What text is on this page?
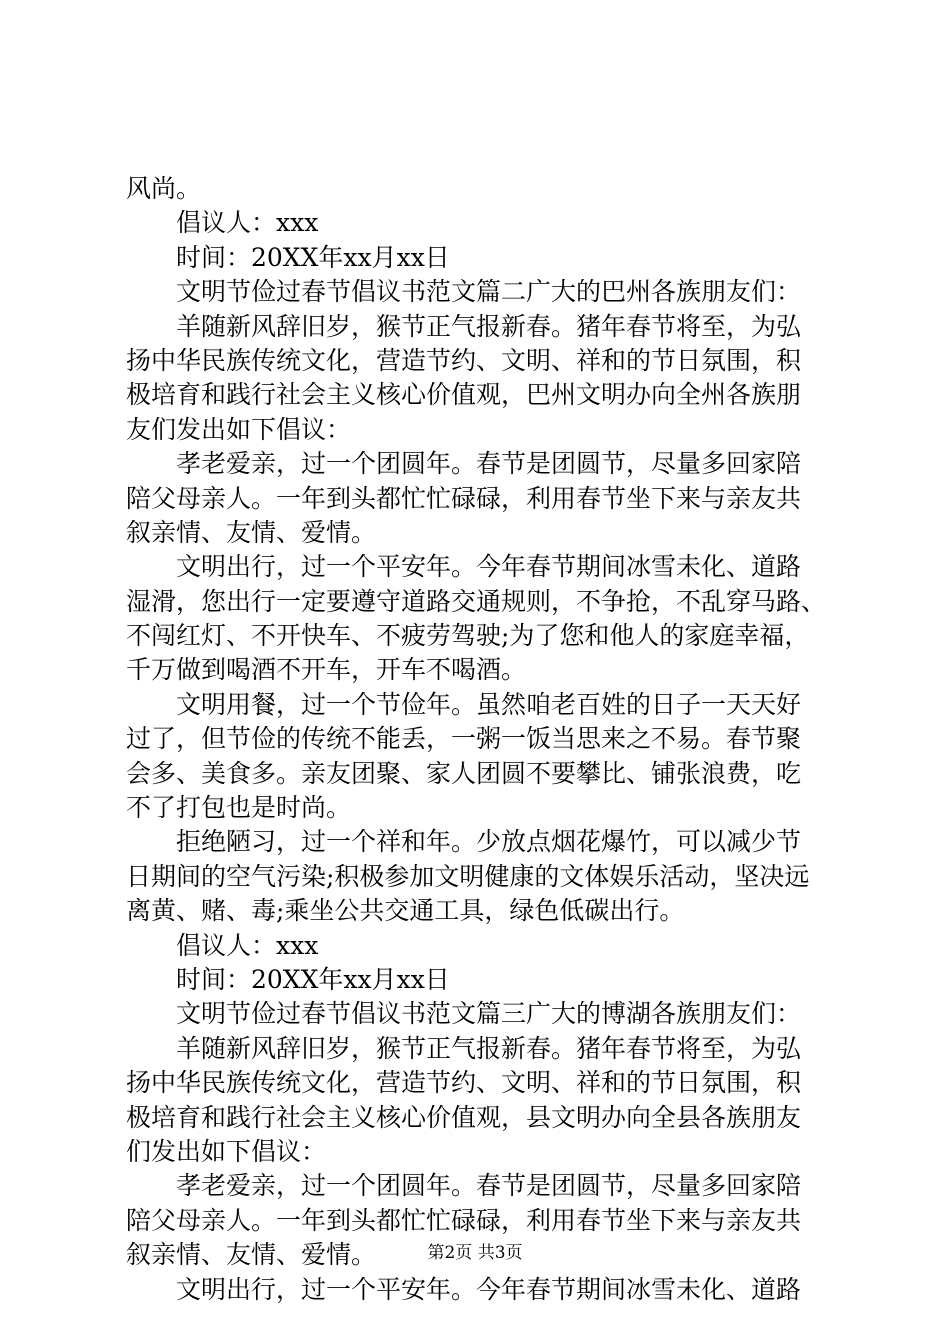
风尚。
倡议人：xxx
时间：20XX年xx月xx日
文明节俭过春节倡议书范文篇二广大的巴州各族朋友们：
羊随新风辞旧岁，猴节正气报新春。猪年春节将至，为弘
扬中华民族传统文化，营造节约、文明、祥和的节日氛围，积
极培育和践行社会主义核心价值观，巴州文明办向全州各族朋
友们发出如下倡议：
孝老爱亲，过一个团圆年。春节是团圆节，尽量多回家陪
陪父母亲人。一年到头都忙忙碌碌，利用春节坐下来与亲友共
叙亲情、友情、爱情。
文明出行，过一个平安年。今年春节期间冰雪未化、道路
湿滑，您出行一定要遵守道路交通规则，不争抢，不乱穿马路、
不闯红灯、不开快车、不疲劳驾驶;为了您和他人的家庭幸福，
千万做到喝酒不开车，开车不喝酒。
文明用餐，过一个节俭年。虽然咱老百姓的日子一天天好
过了，但节俭的传统不能丢，一粥一饭当思来之不易。春节聚
会多、美食多。亲友团聚、家人团圆不要攀比、铺张浪费，吃
不了打包也是时尚。
拒绝陋习，过一个祥和年。少放点烟花爆竹，可以减少节
日期间的空气污染;积极参加文明健康的文体娱乐活动，坚决远
离黄、赌、毒;乘坐公共交通工具，绿色低碳出行。
倡议人：xxx
时间：20XX年xx月xx日
文明节俭过春节倡议书范文篇三广大的博湖各族朋友们：
羊随新风辞旧岁，猴节正气报新春。猪年春节将至，为弘
扬中华民族传统文化，营造节约、文明、祥和的节日氛围，积
极培育和践行社会主义核心价值观，县文明办向全县各族朋友
们发出如下倡议：
孝老爱亲，过一个团圆年。春节是团圆节，尽量多回家陪
陪父母亲人。一年到头都忙忙碌碌，利用春节坐下来与亲友共
叙亲情、友情、爱情。
文明出行，过一个平安年。今年春节期间冰雪未化、道路
第2页 共3页
